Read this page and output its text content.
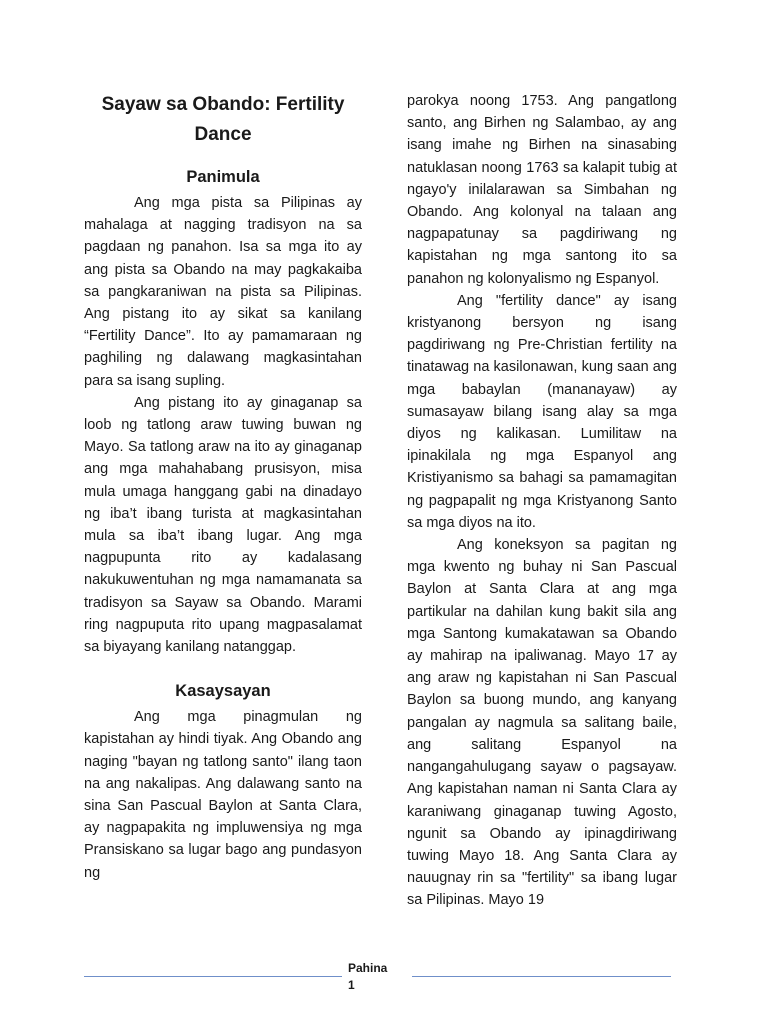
Sayaw sa Obando: Fertility Dance
Panimula

Ang mga pista sa Pilipinas ay mahalaga at nagging tradisyon na sa pagdaan ng panahon. Isa sa mga ito ay ang pista sa Obando na may pagkakaiba sa pangkaraniwan na pista sa Pilipinas. Ang pistang ito ay sikat sa kanilang “Fertility Dance”. Ito ay pamamaraan ng paghiling ng dalawang magkasintahan para sa isang supling.

Ang pistang ito ay ginaganap sa loob ng tatlong araw tuwing buwan ng Mayo. Sa tatlong araw na ito ay ginaganap ang mga mahahabang prusisyon, misa mula umaga hanggang gabi na dinadayo ng iba’t ibang turista at magkasintahan mula sa iba’t ibang lugar. Ang mga nagpupunta rito ay kadalasang nakukuwentuhan ng mga namamanata sa tradisyon sa Sayaw sa Obando. Marami ring nagpuputa rito upang magpasalamat sa biyayang kanilang natanggap.

Kasaysayan

Ang mga pinagmulan ng kapistahan ay hindi tiyak. Ang Obando ang naging "bayan ng tatlong santo" ilang taon na ang nakalipas. Ang dalawang santo na sina San Pascual Baylon at Santa Clara, ay nagpapakita ng impluwensiya ng mga Pransiskano sa lugar bago ang pundasyon ng

parokya noong 1753. Ang pangatlong santo, ang Birhen ng Salambao, ay ang isang imahe ng Birhen na sinasabing natuklasan noong 1763 sa kalapit tubig at ngayo'y inilalarawan sa Simbahan ng Obando. Ang kolonyal na talaan ang nagpapatunay sa pagdiriwang ng kapistahan ng mga santong ito sa panahon ng kolonyalismo ng Espanyol.

Ang "fertility dance" ay isang kristyanong bersyon ng isang pagdiriwang ng Pre-Christian fertility na tinatawag na kasilonawan, kung saan ang mga babaylan (mananayaw) ay sumasayaw bilang isang alay sa mga diyos ng kalikasan. Lumilitaw na ipinakilala ng mga Espanyol ang Kristiyanismo sa bahagi sa pamamagitan ng pagpapalit ng mga Kristyanong Santo sa mga diyos na ito.

Ang koneksyon sa pagitan ng mga kwento ng buhay ni San Pascual Baylon at Santa Clara at ang mga partikular na dahilan kung bakit sila ang mga Santong kumakatawan sa Obando ay mahirap na ipaliwanag. Mayo 17 ay ang araw ng kapistahan ni San Pascual Baylon sa buong mundo, ang kanyang pangalan ay nagmula sa salitang baile, ang salitang Espanyol na nangangahulugang sayaw o pagsayaw. Ang kapistahan naman ni Santa Clara ay karaniwang ginaganap tuwing Agosto, ngunit sa Obando ay ipinagdiriwang tuwing Mayo 18. Ang Santa Clara ay nauugnay rin sa "fertility" sa ibang lugar sa Pilipinas. Mayo 19

Pahina
1
